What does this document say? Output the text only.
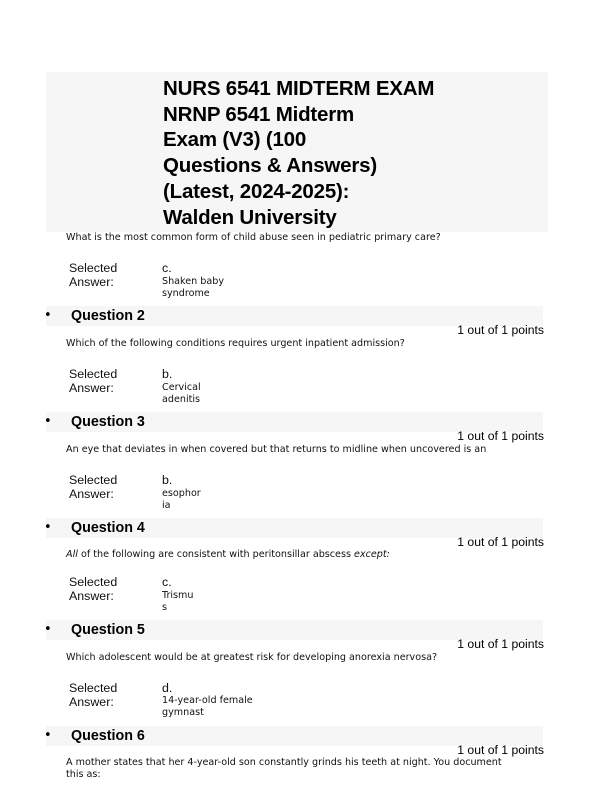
NURS 6541 MIDTERM EXAM
NRNP 6541 Midterm
Exam (V3) (100
Questions & Answers)
(Latest, 2024-2025):
Walden University
What is the most common form of child abuse seen in pediatric primary care?
Selected
Answer:
c.
Shaken baby
syndrome
• Question 2
1 out of 1 points
Which of the following conditions requires urgent inpatient admission?
Selected
Answer:
b.
Cervical
adenitis
• Question 3
1 out of 1 points
An eye that deviates in when covered but that returns to midline when uncovered is an
Selected
Answer:
b.
esophor
ia
• Question 4
1 out of 1 points
All of the following are consistent with peritonsillar abscess except:
Selected
Answer:
c.
Trismu
s
• Question 5
1 out of 1 points
Which adolescent would be at greatest risk for developing anorexia nervosa?
Selected
Answer:
d.
14-year-old female
gymnast
• Question 6
1 out of 1 points
A mother states that her 4-year-old son constantly grinds his teeth at night. You document this as:
